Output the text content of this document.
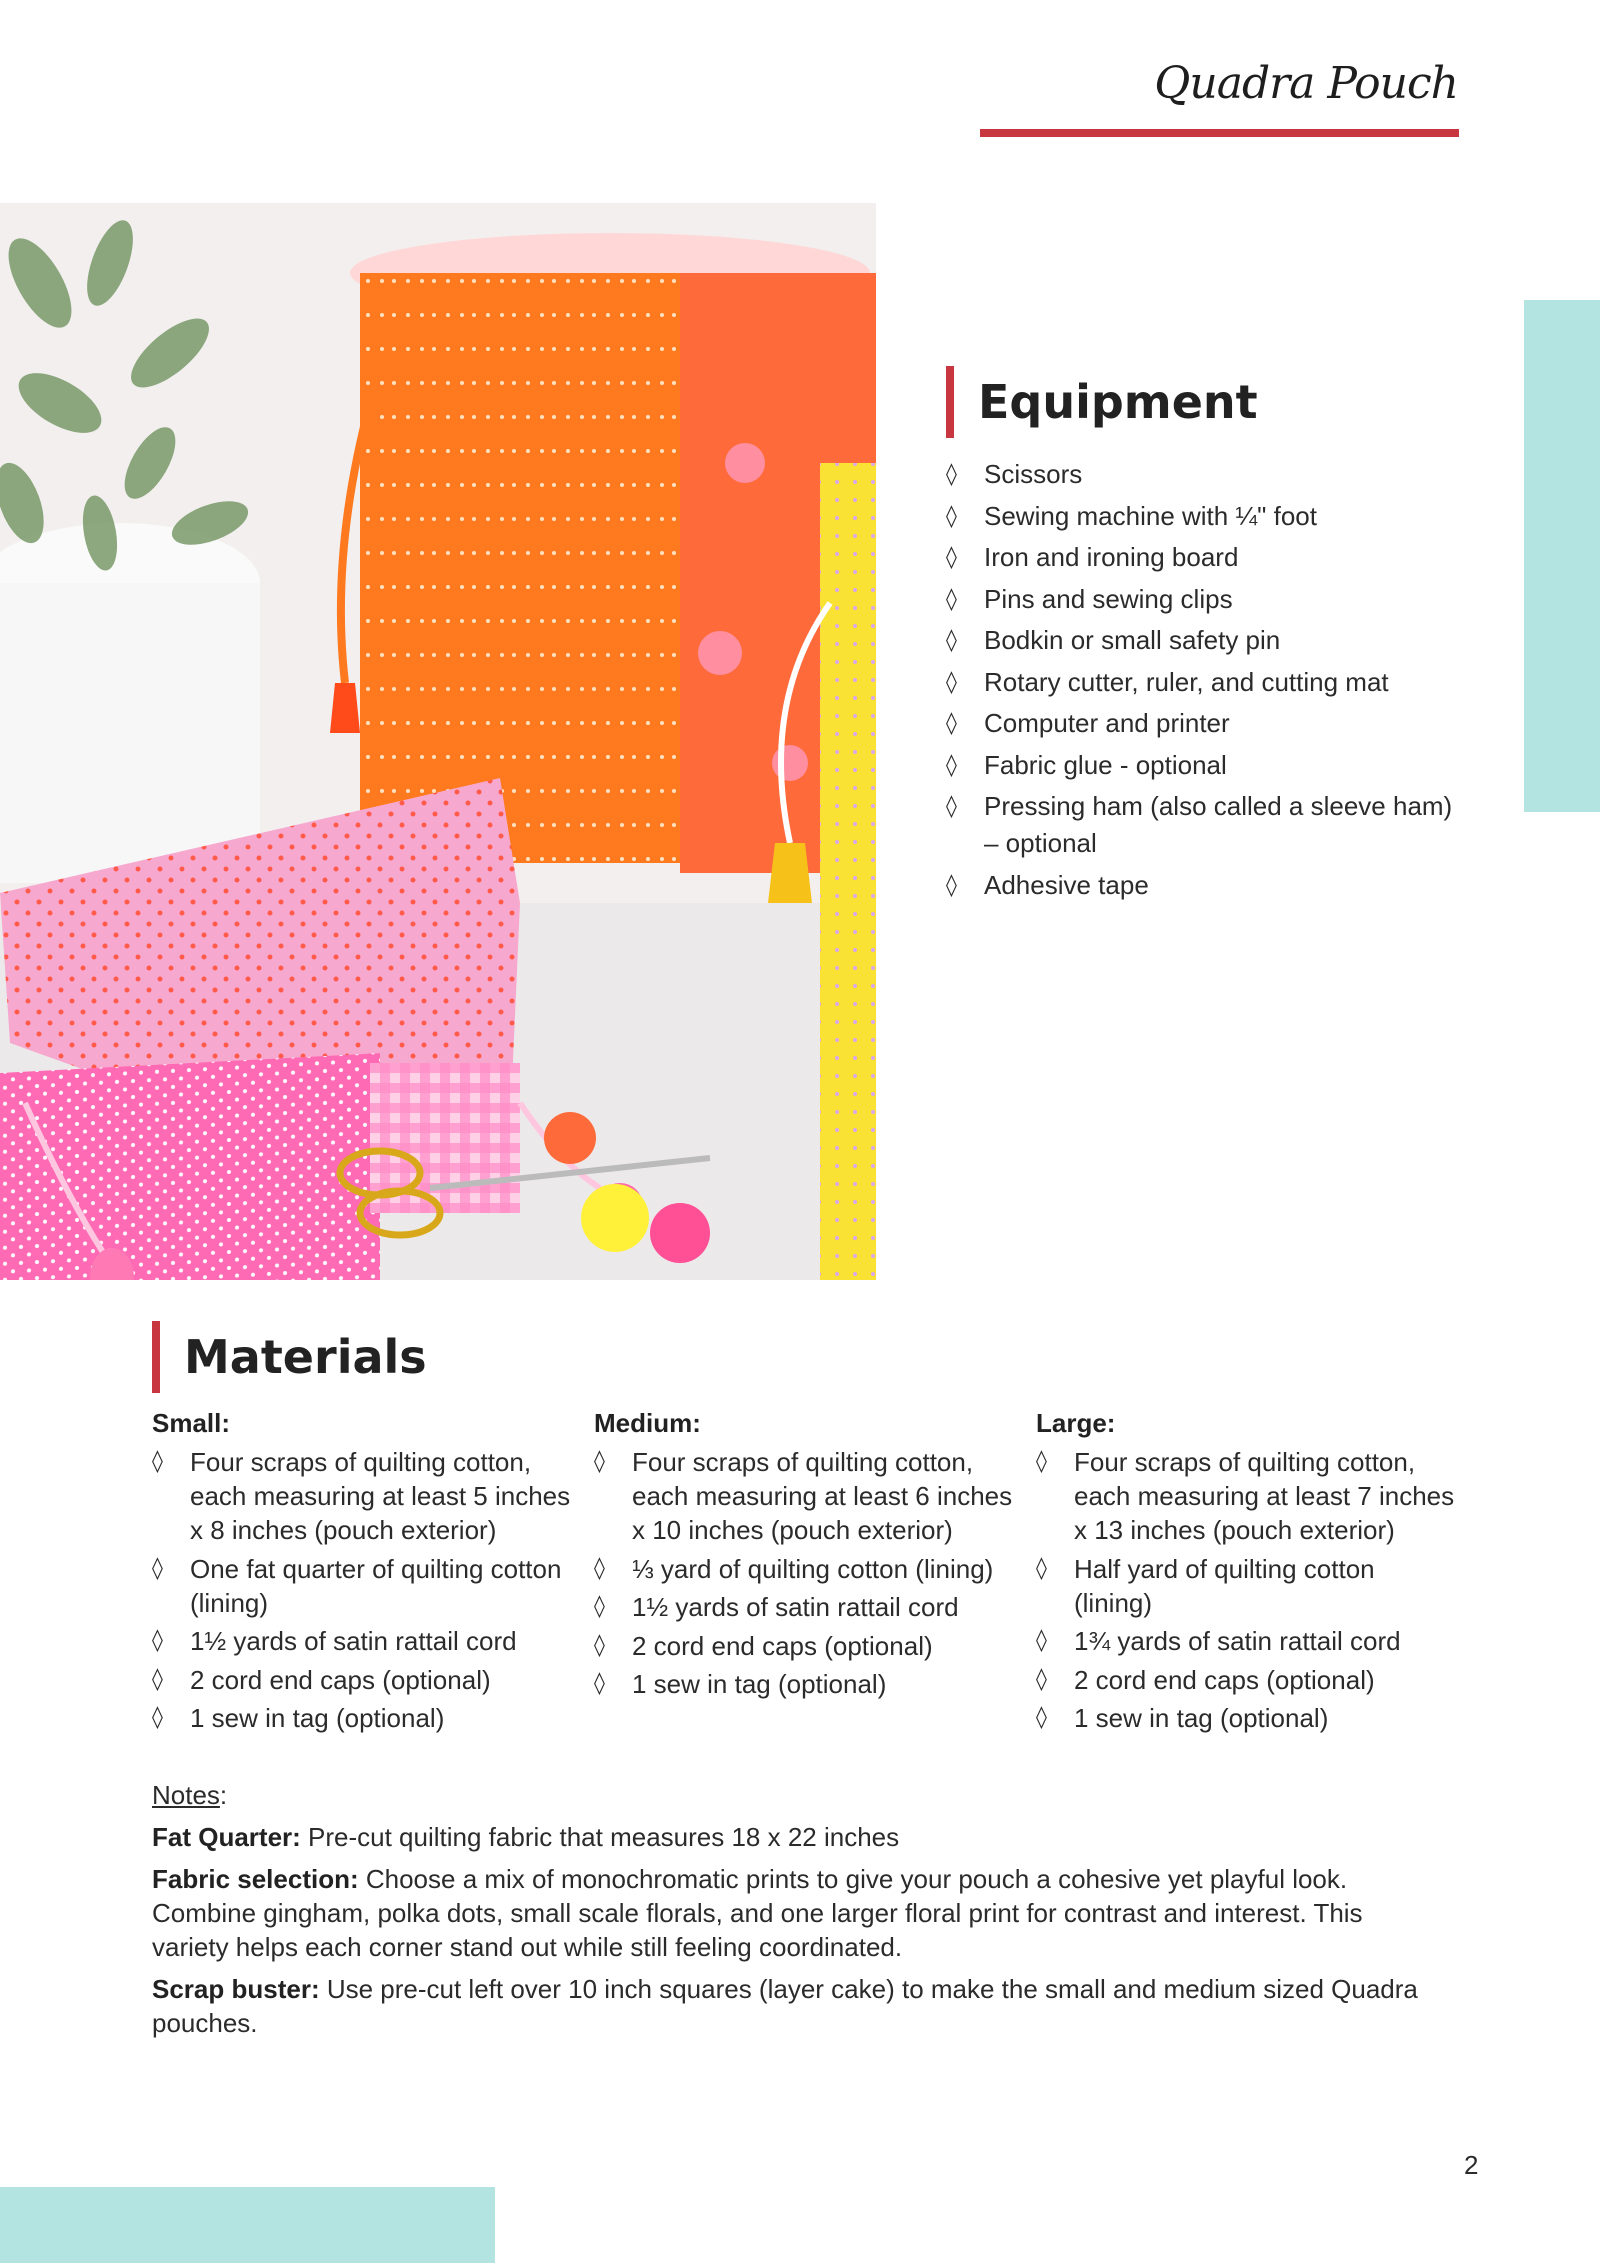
Quadra Pouch
Equipment
◊ Scissors
◊ Sewing machine with ¼" foot
◊ Iron and ironing board
◊ Pins and sewing clips
◊ Bodkin or small safety pin
◊ Rotary cutter, ruler, and cutting mat
◊ Computer and printer
◊ Fabric glue - optional
◊ Pressing ham (also called a sleeve ham) – optional
◊ Adhesive tape
Materials
Small:
◊ Four scraps of quilting cotton, each measuring at least 5 inches x 8 inches (pouch exterior)
◊ One fat quarter of quilting cotton (lining)
◊ 1½ yards of satin rattail cord
◊ 2 cord end caps (optional)
◊ 1 sew in tag (optional)
Medium:
◊ Four scraps of quilting cotton, each measuring at least 6 inches x 10 inches (pouch exterior)
◊ ⅓ yard of quilting cotton (lining)
◊ 1½ yards of satin rattail cord
◊ 2 cord end caps (optional)
◊ 1 sew in tag (optional)
Large:
◊ Four scraps of quilting cotton, each measuring at least 7 inches x 13 inches (pouch exterior)
◊ Half yard of quilting cotton (lining)
◊ 1¾ yards of satin rattail cord
◊ 2 cord end caps (optional)
◊ 1 sew in tag (optional)

Notes:

Fat Quarter: Pre-cut quilting fabric that measures 18 x 22 inches

Fabric selection: Choose a mix of monochromatic prints to give your pouch a cohesive yet playful look. Combine gingham, polka dots, small scale florals, and one larger floral print for contrast and interest. This variety helps each corner stand out while still feeling coordinated.

Scrap buster: Use pre-cut left over 10 inch squares (layer cake) to make the small and medium sized Quadra pouches.

2
